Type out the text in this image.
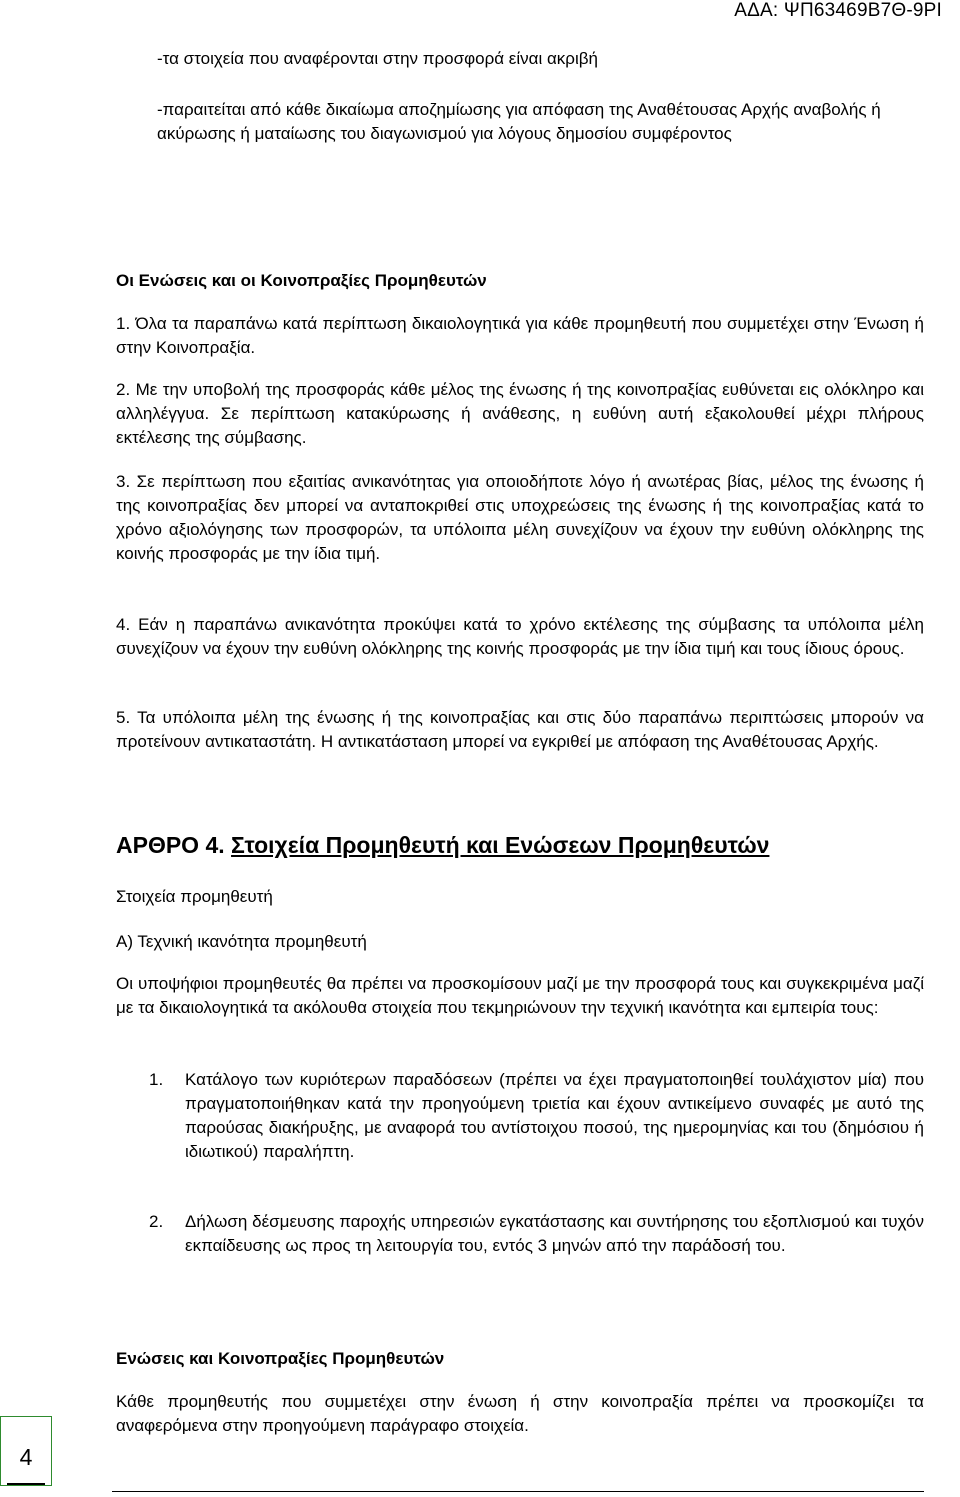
ΑΔΑ: ΨΠ63469Β7Θ-9ΡΙ

-τα στοιχεία που αναφέρονται στην προσφορά είναι ακριβή

-παραιτείται από κάθε δικαίωμα αποζημίωσης για απόφαση της Αναθέτουσας Αρχής αναβολής ή ακύρωσης ή ματαίωσης του διαγωνισμού για λόγους δημοσίου συμφέροντος

Οι Ενώσεις και οι Κοινοπραξίες Προμηθευτών

1. Όλα τα παραπάνω κατά περίπτωση δικαιολογητικά για κάθε προμηθευτή που συμμετέχει στην Ένωση ή στην Κοινοπραξία.

2. Με την υποβολή της προσφοράς κάθε μέλος της ένωσης ή της κοινοπραξίας ευθύνεται εις ολόκληρο και αλληλέγγυα. Σε περίπτωση κατακύρωσης ή ανάθεσης, η ευθύνη αυτή εξακολουθεί μέχρι πλήρους εκτέλεσης της σύμβασης.

3. Σε περίπτωση που εξαιτίας ανικανότητας για οποιοδήποτε λόγο ή ανωτέρας βίας, μέλος της ένωσης ή της κοινοπραξίας δεν μπορεί να ανταποκριθεί στις υποχρεώσεις της ένωσης ή της κοινοπραξίας κατά το χρόνο αξιολόγησης των προσφορών, τα υπόλοιπα μέλη συνεχίζουν να έχουν την ευθύνη ολόκληρης της κοινής προσφοράς με την ίδια τιμή.

4. Εάν η παραπάνω ανικανότητα προκύψει κατά το χρόνο εκτέλεσης της σύμβασης τα υπόλοιπα μέλη συνεχίζουν να έχουν την ευθύνη ολόκληρης της κοινής προσφοράς με την ίδια τιμή και τους ίδιους όρους.

5. Τα υπόλοιπα μέλη της ένωσης ή της κοινοπραξίας και στις δύο παραπάνω περιπτώσεις μπορούν να προτείνουν αντικαταστάτη. Η αντικατάσταση μπορεί να εγκριθεί με απόφαση της Αναθέτουσας Αρχής.

ΑΡΘΡΟ 4. Στοιχεία Προμηθευτή και Ενώσεων Προμηθευτών

Στοιχεία προμηθευτή

Α) Τεχνική ικανότητα προμηθευτή

Οι υποψήφιοι προμηθευτές θα πρέπει να προσκομίσουν μαζί με την προσφορά τους και συγκεκριμένα μαζί με τα δικαιολογητικά τα ακόλουθα στοιχεία που τεκμηριώνουν την τεχνική ικανότητα και εμπειρία τους:

1. Κατάλογο των κυριότερων παραδόσεων (πρέπει να έχει πραγματοποιηθεί τουλάχιστον μία) που πραγματοποιήθηκαν κατά την προηγούμενη τριετία και έχουν αντικείμενο συναφές με αυτό της παρούσας διακήρυξης, με αναφορά του αντίστοιχου ποσού, της ημερομηνίας και του (δημόσιου ή ιδιωτικού) παραλήπτη.

2. Δήλωση δέσμευσης παροχής υπηρεσιών εγκατάστασης και συντήρησης του εξοπλισμού και τυχόν εκπαίδευσης ως προς τη λειτουργία του, εντός 3 μηνών από την παράδοσή του.

Ενώσεις και Κοινοπραξίες Προμηθευτών

Κάθε προμηθευτής που συμμετέχει στην ένωση ή στην κοινοπραξία πρέπει να προσκομίζει τα αναφερόμενα στην προηγούμενη παράγραφο στοιχεία.

4
